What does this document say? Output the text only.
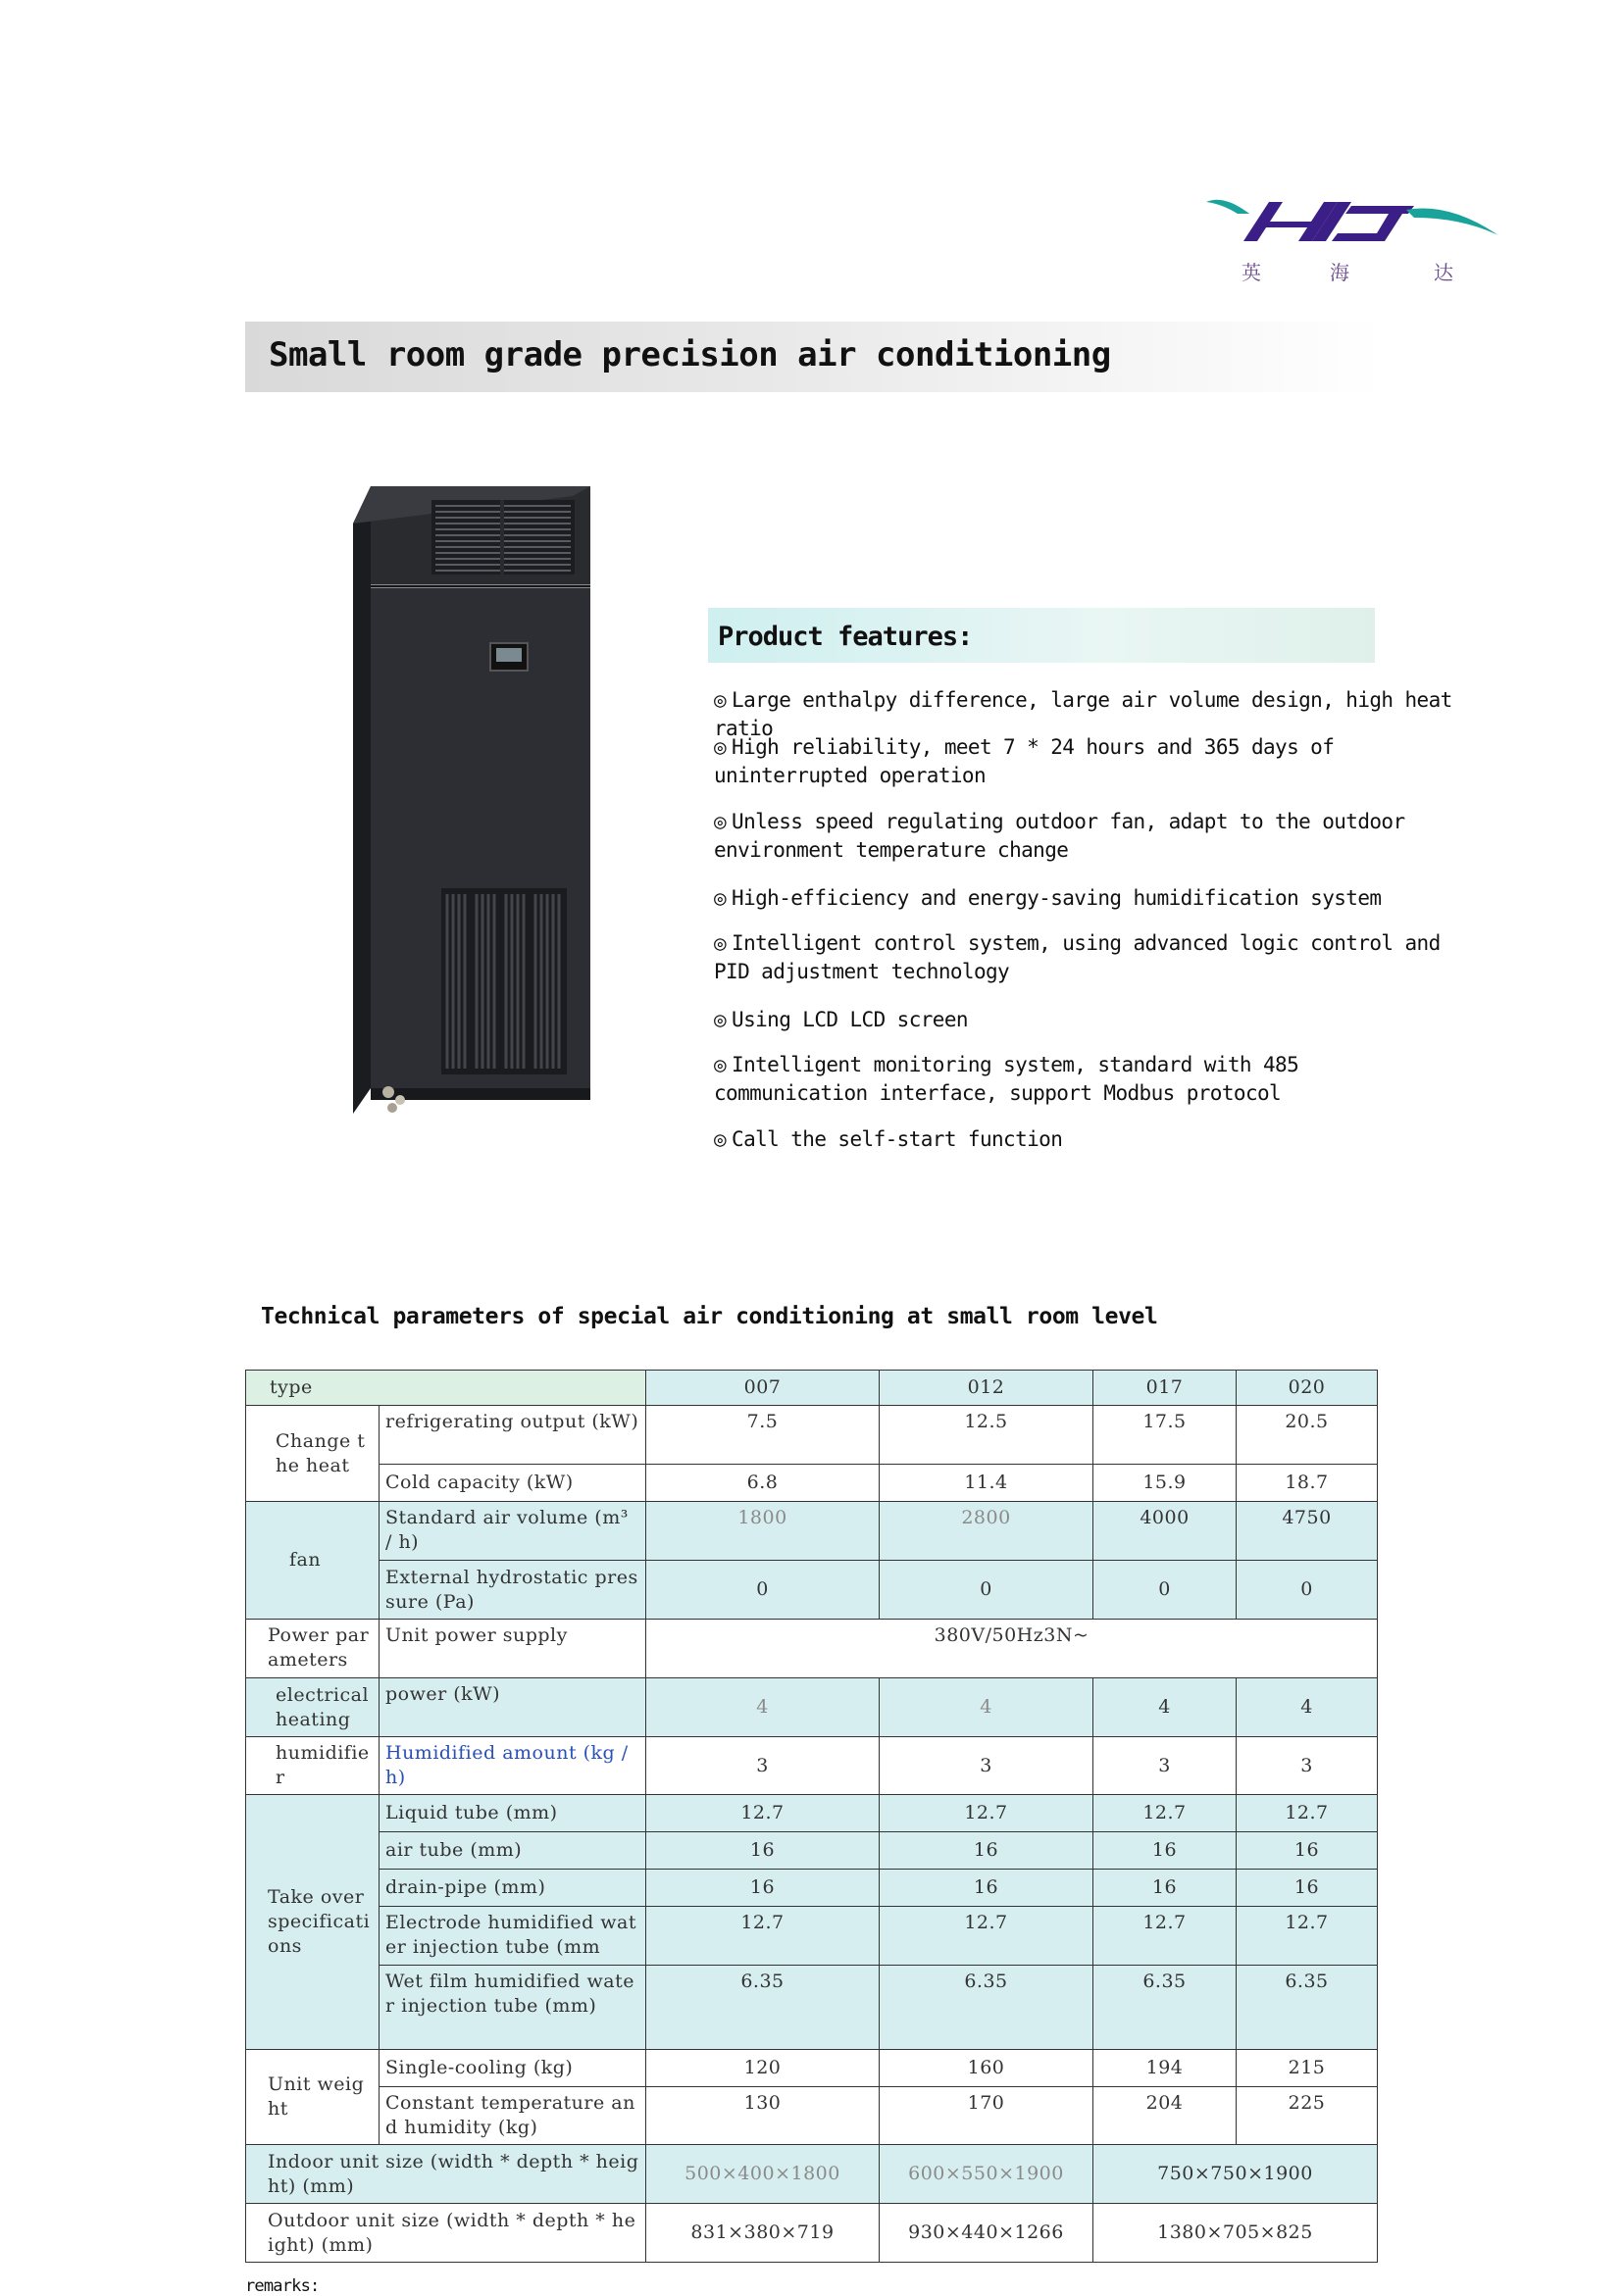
英	海	达
Small room grade precision air conditioning
Product features:
◎ Large enthalpy difference, large air volume design, high heat ratio
◎ High reliability, meet 7 * 24 hours and 365 days of uninterrupted operation
◎ Unless speed regulating outdoor fan, adapt to the outdoor environment temperature change
◎ High-efficiency and energy-saving humidification system
◎ Intelligent control system, using advanced logic control and PID adjustment technology
◎ Using LCD LCD screen
◎ Intelligent monitoring system, standard with 485 communication interface, support Modbus protocol
◎ Call the self-start function
Technical parameters of special air conditioning at small room level
type		007	012	017	020
Change the heat	refrigerating output (kW)	7.5	12.5	17.5	20.5
	Cold capacity (kW)	6.8	11.4	15.9	18.7
fan	Standard air volume (m³ / h)	1800	2800	4000	4750
	External hydrostatic pressure (Pa)	0	0	0	0
Power parameters	Unit power supply	380V/50Hz3N~			
electrical heating	power (kW)	4	4	4	4
humidifier	Humidified amount (kg / h)	3	3	3	3
Take over specifications	Liquid tube (mm)	12.7	12.7	12.7	12.7
	air tube (mm)	16	16	16	16
	drain-pipe (mm)	16	16	16	16
	Electrode humidified water injection tube (mm	12.7	12.7	12.7	12.7
	Wet film humidified water injection tube (mm)	6.35	6.35	6.35	6.35
Unit weight	Single-cooling (kg)	120	160	194	215
	Constant temperature and humidity (kg)	130	170	204	225
Indoor unit size (width * depth * height) (mm)		500×400×1800	600×550×1900	750×750×1900	
Outdoor unit size (width * depth * height) (mm)		831×380×719	930×440×1266	1380×705×825	
remarks:
